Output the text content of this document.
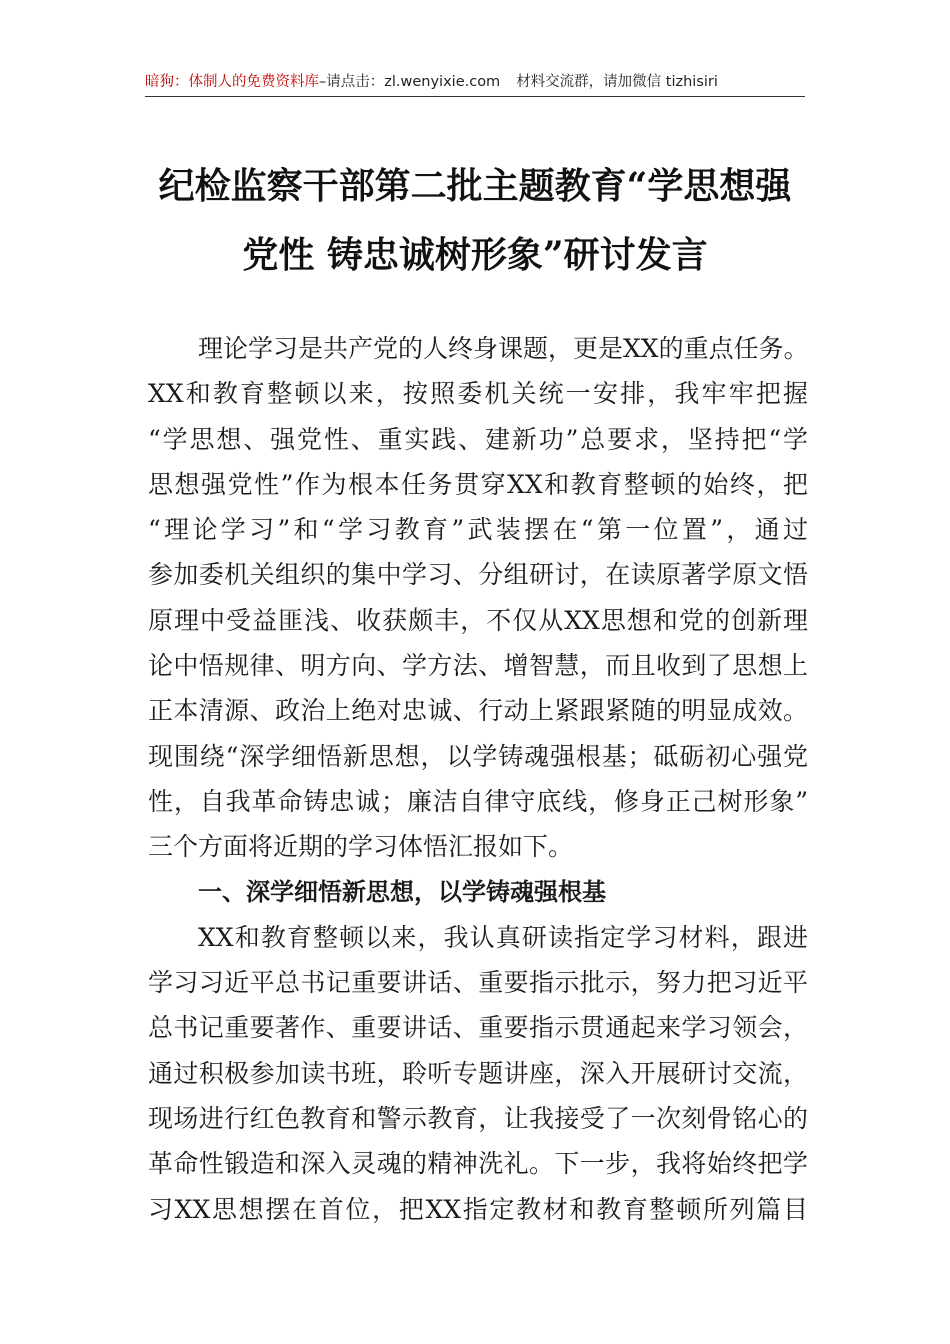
暗狗：体制人的免费资料库–请点击：zl.wenyixie.com 材料交流群，请加微信 tizhisiri
纪检监察干部第二批主题教育“学思想强
党性 铸忠诚树形象”研讨发言
理论学习是共产党的人终身课题，更是XX的重点任务。
XX和教育整顿以来，按照委机关统一安排，我牢牢把握
“学思想、强党性、重实践、建新功”总要求，坚持把“学
思想强党性”作为根本任务贯穿XX和教育整顿的始终，把
“理论学习”和“学习教育”武装摆在“第一位置”，通过
参加委机关组织的集中学习、分组研讨，在读原著学原文悟
原理中受益匪浅、收获颇丰，不仅从XX思想和党的创新理
论中悟规律、明方向、学方法、增智慧，而且收到了思想上
正本清源、政治上绝对忠诚、行动上紧跟紧随的明显成效。
现围绕“深学细悟新思想，以学铸魂强根基；砥砺初心强党
性，自我革命铸忠诚；廉洁自律守底线，修身正己树形象”
三个方面将近期的学习体悟汇报如下。
一、深学细悟新思想，以学铸魂强根基
XX和教育整顿以来，我认真研读指定学习材料，跟进
学习习近平总书记重要讲话、重要指示批示，努力把习近平
总书记重要著作、重要讲话、重要指示贯通起来学习领会，
通过积极参加读书班，聆听专题讲座，深入开展研讨交流，
现场进行红色教育和警示教育，让我接受了一次刻骨铭心的
革命性锻造和深入灵魂的精神洗礼。下一步，我将始终把学
习XX思想摆在首位，把XX指定教材和教育整顿所列篇目
